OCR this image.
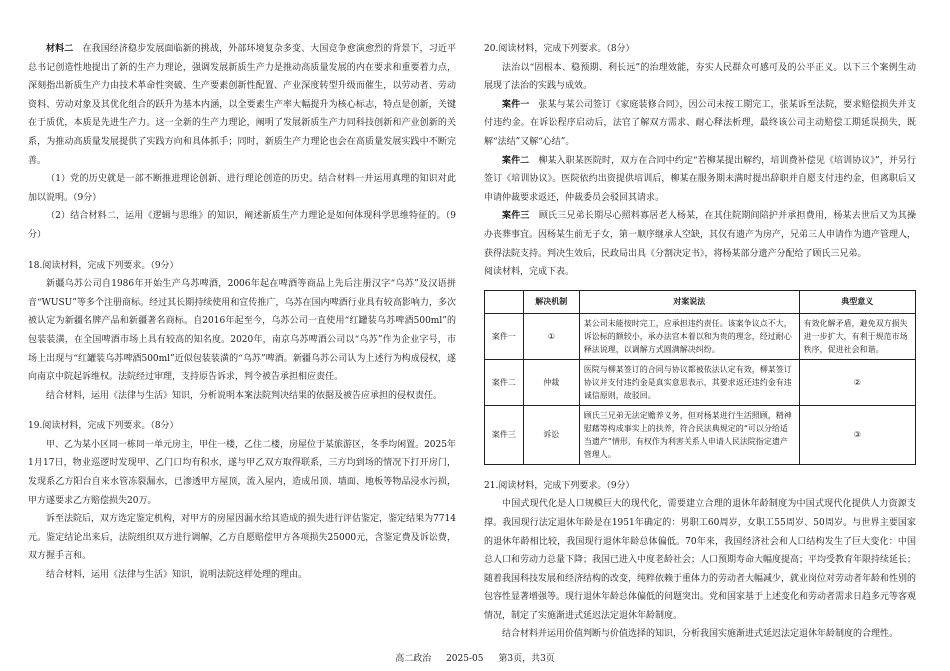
材料二　 在我国经济稳步发展面临新的挑战，外部环境复杂多变、大国竞争愈演愈烈的背景下，习近平总书记创造性地提出了新的生产力理论，强调发展新质生产力是推动高质量发展的内在要求和重要着力点，深刻指出新质生产力由技术革命性突破、生产要素创新性配置、产业深度转型升级而催生，以劳动者、劳动资料、劳动对象及其优化组合的跃升为基本内涵，以全要素生产率大幅提升为核心标志，特点是创新，关键在于质优，本质是先进生产力。这一全新的生产力理论，阐明了发展新质生产力同科技创新和产业创新的关系，为推动高质量发展提供了实践方向和具体抓手；同时，新质生产力理论也会在高质量发展实践中不断完善。

（1）党的历史就是一部不断推进理论创新、进行理论创造的历史。结合材料一并运用真理的知识对此加以说明。（9分）

（2）结合材料二，运用《逻辑与思维》的知识，阐述新质生产力理论是如何体现科学思维特征的。（9分）

18.阅读材料，完成下列要求。（9分）

新疆乌苏公司自1986年开始生产乌苏啤酒，2006年起在啤酒等商品上先后注册汉字“乌苏”及汉语拼音“WUSU”等多个注册商标。经过其长期持续使用和宣传推广，乌苏在国内啤酒行业具有较高影响力，多次被认定为新疆名牌产品和新疆著名商标。自2016年起至今，乌苏公司一直使用“红罐装乌苏啤酒500ml”的包装装潢，在全国啤酒市场上具有较高的知名度。2020年，南京乌苏啤酒公司以“乌苏”作为企业字号，市场上出现与“红罐装乌苏啤酒500ml”近似包装装潢的“乌苏”啤酒。新疆乌苏公司认为上述行为构成侵权，遂向南京中院起诉维权。法院经过审理，支持原告诉求，判令被告承担相应责任。

结合材料，运用《法律与生活》知识，分析说明本案法院判决结果的依据及被告应承担的侵权责任。

19.阅读材料，完成下列要求。（8分）

甲、乙为某小区同一栋同一单元房主，甲住一楼，乙住二楼，房屋位于某旅游区，冬季均闲置。2025年1月17日，物业巡逻时发现甲、乙门口均有积水，遂与甲乙双方取得联系，三方均到场的情况下打开房门，发现系乙方阳台自来水管冻裂漏水，已渗透甲方屋顶，流入屋内，造成吊顶、墙面、地板等物品浸水污损，甲方遂要求乙方赔偿损失20万。

诉至法院后，双方选定鉴定机构，对甲方的房屋因漏水给其造成的损失进行评估鉴定，鉴定结果为7714元。鉴定结论出来后，法院组织双方进行调解，乙方自愿赔偿甲方各项损失25000元，含鉴定费及诉讼费，双方握手言和。

结合材料，运用《法律与生活》知识，说明法院这样处理的理由。

20.阅读材料，完成下列要求。（8分）

法治以“固根本、稳预期、利长远”的治理效能，夯实人民群众可感可及的公平正义。以下三个案例生动展现了法治的实践与成效。

案件一　 张某与某公司签订《家庭装修合同》，因公司未按工期完工，张某诉至法院，要求赔偿损失并支付违约金。在诉讼程序启动后，法官了解双方需求、耐心释法析理，最终该公司主动赔偿工期延误损失，既解“法结”又解“心结”。

案件二　 柳某入职某医院时，双方在合同中约定“若柳某提出解约，培训费补偿见《培训协议》”，并另行签订《培训协议》。医院依约出资提供培训后，柳某在服务期未满时提出辞职并自愿支付违约金，但离职后又申请仲裁要求返还，仲裁委员会驳回其请求。

案件三　 顾氏三兄弟长期尽心照料寡居老人杨某，在其住院期间陪护并承担费用，杨某去世后又为其操办丧葬事宜。因杨某生前无子女，第一顺序继承人空缺，其仅有遗产为房产，兄弟三人申请作为遗产管理人，获得法院支持。判决生效后，民政局出具《分割决定书》，将杨某部分遗产分配给了顾氏三兄弟。

阅读材料，完成下表。

	解决机制	对案说法	典型意义
案件一	①	某公司未能按时完工，应承担违约责任。该案争议点不大，诉讼标的额较小，承办法官本着以和为贵的理念，经过耐心释法说理，以调解方式圆满解决纠纷。	有效化解矛盾，避免双方损失进一步扩大，有利于规范市场秩序，促进社会和谐。
案件二	仲裁	医院与柳某签订的合同与协议都被依法认定有效，柳某签订协议并支付违约金是真实意思表示，其要求返还违约金有违诚信原则，故驳回。	②
案件三	诉讼	顾氏三兄弟无法定赡养义务，但对杨某进行生活照顾，精神慰藉等构成事实上的扶养，符合民法典规定的“可以分给适当遗产”情形，有权作为利害关系人申请人民法院指定遗产管理人。	③

21.阅读材料，完成下列要求。（9分）

中国式现代化是人口规模巨大的现代化，需要建立合理的退休年龄制度为中国式现代化提供人力资源支撑。我国现行法定退休年龄是在1951年确定的：男职工60周岁，女职工55周岁、50周岁。与世界主要国家的退休年龄相比较，我国现行退休年龄总体偏低。70年来，我国经济社会和人口结构发生了巨大变化：中国总人口和劳动力总量下降；我国已进入中度老龄社会；人口预期寿命大幅度提高；平均受教育年限持续延长；随着我国科技发展和经济结构的改变，纯粹依赖于重体力的劳动者大幅减少，就业岗位对劳动者年龄和性别的包容性显著增强等。现行退休年龄总体偏低的问题突出。党和国家基于上述变化和劳动者需求日趋多元等客观情况，制定了实施渐进式延迟法定退休年龄制度。

结合材料并运用价值判断与价值选择的知识，分析我国实施渐进式延迟法定退休年龄制度的合理性。

高二政治 2025-05 第3页，共3页
